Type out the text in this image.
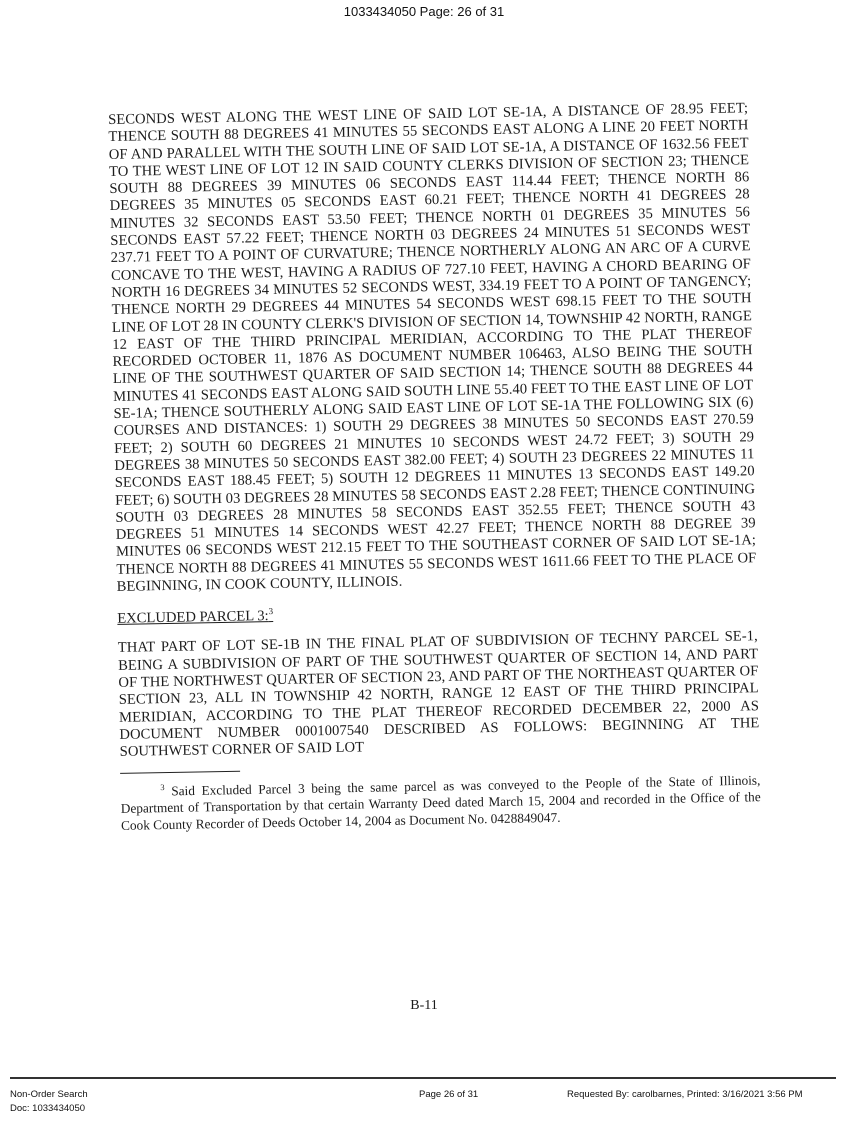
1033434050 Page: 26 of 31

SECONDS WEST ALONG THE WEST LINE OF SAID LOT SE-1A, A DISTANCE OF 28.95 FEET; THENCE SOUTH 88 DEGREES 41 MINUTES 55 SECONDS EAST ALONG A LINE 20 FEET NORTH OF AND PARALLEL WITH THE SOUTH LINE OF SAID LOT SE-1A, A DISTANCE OF 1632.56 FEET TO THE WEST LINE OF LOT 12 IN SAID COUNTY CLERKS DIVISION OF SECTION 23; THENCE SOUTH 88 DEGREES 39 MINUTES 06 SECONDS EAST 114.44 FEET; THENCE NORTH 86 DEGREES 35 MINUTES 05 SECONDS EAST 60.21 FEET; THENCE NORTH 41 DEGREES 28 MINUTES 32 SECONDS EAST 53.50 FEET; THENCE NORTH 01 DEGREES 35 MINUTES 56 SECONDS EAST 57.22 FEET; THENCE NORTH 03 DEGREES 24 MINUTES 51 SECONDS WEST 237.71 FEET TO A POINT OF CURVATURE; THENCE NORTHERLY ALONG AN ARC OF A CURVE CONCAVE TO THE WEST, HAVING A RADIUS OF 727.10 FEET, HAVING A CHORD BEARING OF NORTH 16 DEGREES 34 MINUTES 52 SECONDS WEST, 334.19 FEET TO A POINT OF TANGENCY; THENCE NORTH 29 DEGREES 44 MINUTES 54 SECONDS WEST 698.15 FEET TO THE SOUTH LINE OF LOT 28 IN COUNTY CLERK'S DIVISION OF SECTION 14, TOWNSHIP 42 NORTH, RANGE 12 EAST OF THE THIRD PRINCIPAL MERIDIAN, ACCORDING TO THE PLAT THEREOF RECORDED OCTOBER 11, 1876 AS DOCUMENT NUMBER 106463, ALSO BEING THE SOUTH LINE OF THE SOUTHWEST QUARTER OF SAID SECTION 14; THENCE SOUTH 88 DEGREES 44 MINUTES 41 SECONDS EAST ALONG SAID SOUTH LINE 55.40 FEET TO THE EAST LINE OF LOT SE-1A; THENCE SOUTHERLY ALONG SAID EAST LINE OF LOT SE-1A THE FOLLOWING SIX (6) COURSES AND DISTANCES: 1) SOUTH 29 DEGREES 38 MINUTES 50 SECONDS EAST 270.59 FEET; 2) SOUTH 60 DEGREES 21 MINUTES 10 SECONDS WEST 24.72 FEET; 3) SOUTH 29 DEGREES 38 MINUTES 50 SECONDS EAST 382.00 FEET; 4) SOUTH 23 DEGREES 22 MINUTES 11 SECONDS EAST 188.45 FEET; 5) SOUTH 12 DEGREES 11 MINUTES 13 SECONDS EAST 149.20 FEET; 6) SOUTH 03 DEGREES 28 MINUTES 58 SECONDS EAST 2.28 FEET; THENCE CONTINUING SOUTH 03 DEGREES 28 MINUTES 58 SECONDS EAST 352.55 FEET; THENCE SOUTH 43 DEGREES 51 MINUTES 14 SECONDS WEST 42.27 FEET; THENCE NORTH 88 DEGREE 39 MINUTES 06 SECONDS WEST 212.15 FEET TO THE SOUTHEAST CORNER OF SAID LOT SE-1A; THENCE NORTH 88 DEGREES 41 MINUTES 55 SECONDS WEST 1611.66 FEET TO THE PLACE OF BEGINNING, IN COOK COUNTY, ILLINOIS.

EXCLUDED PARCEL 3:$^3$

THAT PART OF LOT SE-1B IN THE FINAL PLAT OF SUBDIVISION OF TECHNY PARCEL SE-1, BEING A SUBDIVISION OF PART OF THE SOUTHWEST QUARTER OF SECTION 14, AND PART OF THE NORTHWEST QUARTER OF SECTION 23, AND PART OF THE NORTHEAST QUARTER OF SECTION 23, ALL IN TOWNSHIP 42 NORTH, RANGE 12 EAST OF THE THIRD PRINCIPAL MERIDIAN, ACCORDING TO THE PLAT THEREOF RECORDED DECEMBER 22, 2000 AS DOCUMENT NUMBER 0001007540 DESCRIBED AS FOLLOWS: BEGINNING AT THE SOUTHWEST CORNER OF SAID LOT

$^3$ Said Excluded Parcel 3 being the same parcel as was conveyed to the People of the State of Illinois, Department of Transportation by that certain Warranty Deed dated March 15, 2004 and recorded in the Office of the Cook County Recorder of Deeds October 14, 2004 as Document No. 0428849047.

B-11
Non-Order Search
Doc: 1033434050
Page 26 of 31	Requested By: carolbarnes, Printed: 3/16/2021 3:56 PM
